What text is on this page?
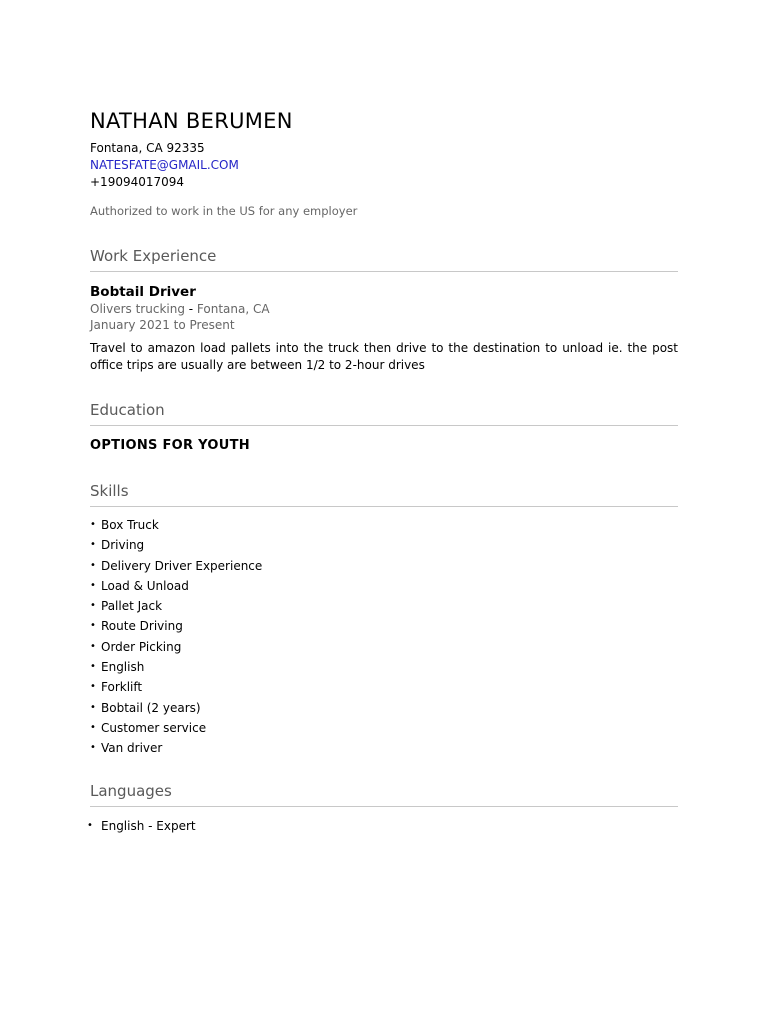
NATHAN BERUMEN
Fontana, CA 92335
NATESFATE@GMAIL.COM
+19094017094
Authorized to work in the US for any employer
Work Experience
Bobtail Driver
Olivers trucking - Fontana, CA
January 2021 to Present
Travel to amazon load pallets into the truck then drive to the destination to unload ie. the post office trips are usually are between 1/2 to 2-hour drives
Education
OPTIONS FOR YOUTH
Skills
• Box Truck
• Driving
• Delivery Driver Experience
• Load & Unload
• Pallet Jack
• Route Driving
• Order Picking
• English
• Forklift
• Bobtail (2 years)
• Customer service
• Van driver
Languages
• English - Expert
